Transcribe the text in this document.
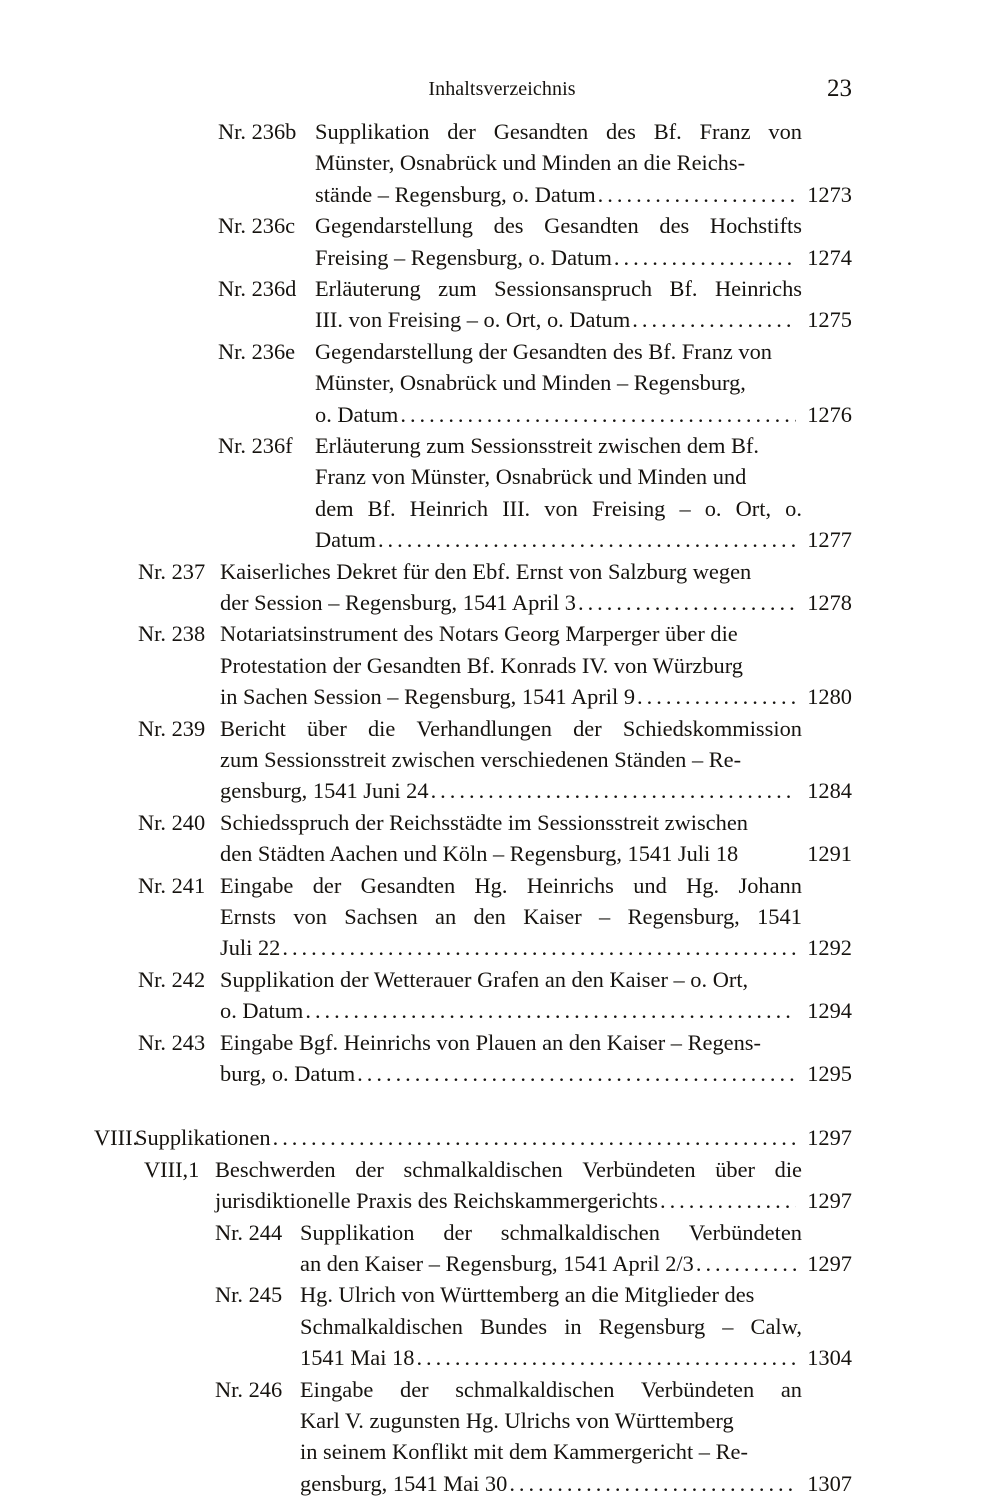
Inhaltsverzeichnis	23
Nr. 236b Supplikation der Gesandten des Bf. Franz von
Münster, Osnabrück und Minden an die Reichs-
stände – Regensburg, o. Datum .....	1273
Nr. 236c Gegendarstellung des Gesandten des Hochstifts
Freising – Regensburg, o. Datum .....	1274
Nr. 236d Erläuterung zum Sessionsanspruch Bf. Heinrichs
III. von Freising – o. Ort, o. Datum .....	1275
Nr. 236e Gegendarstellung der Gesandten des Bf. Franz von
Münster, Osnabrück und Minden – Regensburg,
o. Datum .....	1276
Nr. 236f Erläuterung zum Sessionsstreit zwischen dem Bf.
Franz von Münster, Osnabrück und Minden und
dem Bf. Heinrich III. von Freising – o. Ort, o.
Datum .....	1277
Nr. 237 Kaiserliches Dekret für den Ebf. Ernst von Salzburg wegen
der Session – Regensburg, 1541 April 3 .....	1278
Nr. 238 Notariatsinstrument des Notars Georg Marperger über die
Protestation der Gesandten Bf. Konrads IV. von Würzburg
in Sachen Session – Regensburg, 1541 April 9 .....	1280
Nr. 239 Bericht über die Verhandlungen der Schiedskommission
zum Sessionsstreit zwischen verschiedenen Ständen – Re-
gensburg, 1541 Juni 24 .....	1284
Nr. 240 Schiedsspruch der Reichsstädte im Sessionsstreit zwischen
den Städten Aachen und Köln – Regensburg, 1541 Juli 18	1291
Nr. 241 Eingabe der Gesandten Hg. Heinrichs und Hg. Johann
Ernsts von Sachsen an den Kaiser – Regensburg, 1541
Juli 22 .....	1292
Nr. 242 Supplikation der Wetterauer Grafen an den Kaiser – o. Ort,
o. Datum .....	1294
Nr. 243 Eingabe Bgf. Heinrichs von Plauen an den Kaiser – Regens-
burg, o. Datum .....	1295
VIII.
Supplikationen .....	1297
VIII,1 Beschwerden der schmalkaldischen Verbündeten über die
jurisdiktionelle Praxis des Reichskammergerichts .....	1297
Nr. 244 Supplikation der schmalkaldischen Verbündeten
an den Kaiser – Regensburg, 1541 April 2/3 .....	1297
Nr. 245 Hg. Ulrich von Württemberg an die Mitglieder des
Schmalkaldischen Bundes in Regensburg – Calw,
1541 Mai 18 .....	1304
Nr. 246 Eingabe der schmalkaldischen Verbündeten an
Karl V. zugunsten Hg. Ulrichs von Württemberg
in seinem Konflikt mit dem Kammergericht – Re-
gensburg, 1541 Mai 30 .....	1307
